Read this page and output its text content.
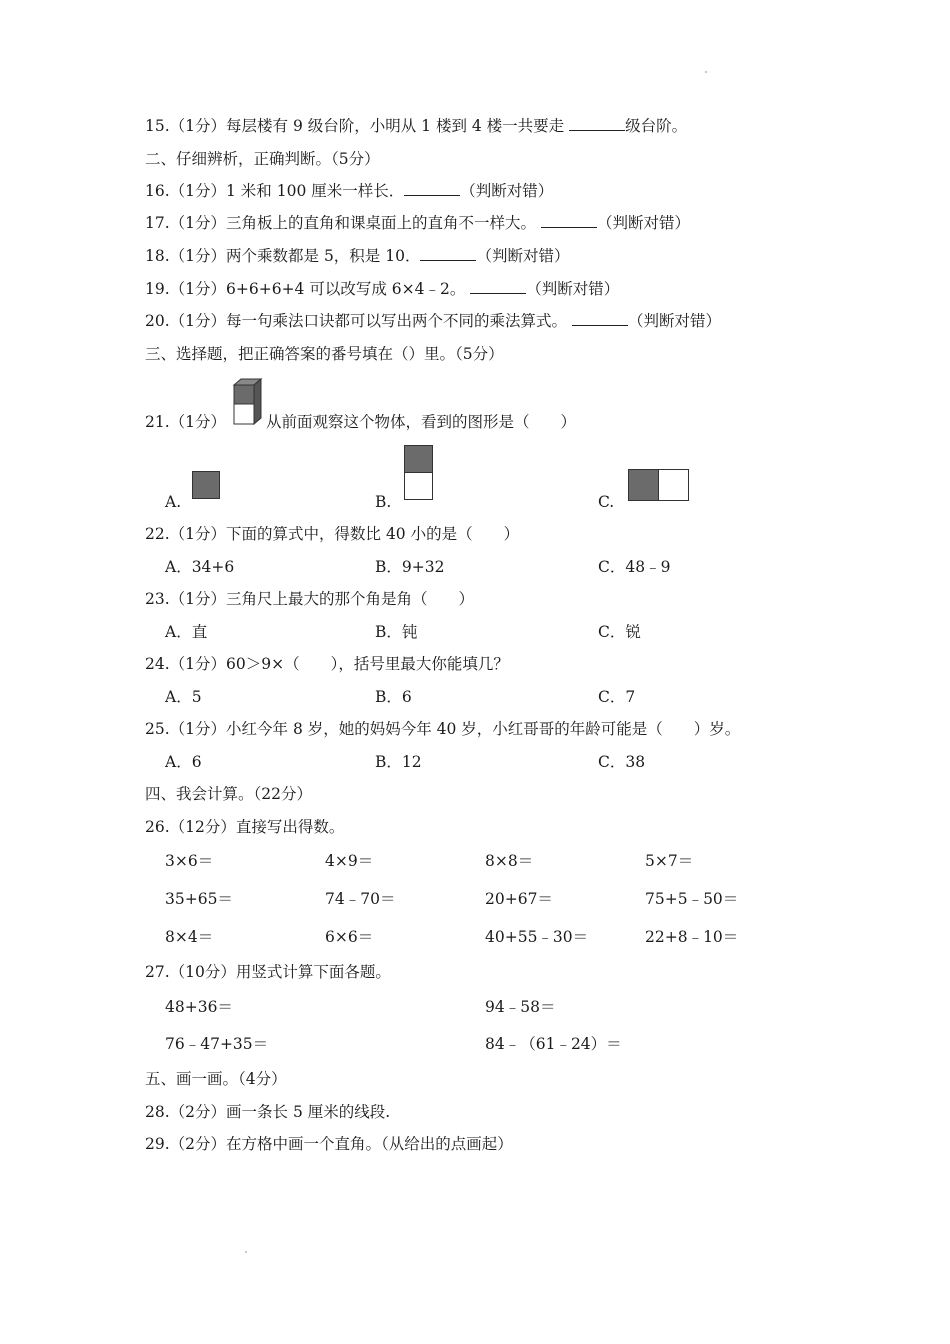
15.（1分）每层楼有 9 级台阶，小明从 1 楼到 4 楼一共要走	级台阶。
二、仔细辨析，正确判断。（5分）
16.（1分）1 米和 100 厘米一样长．	（判断对错）
17.（1分）三角板上的直角和课桌面上的直角不一样大。	（判断对错）
18.（1分）两个乘数都是 5，积是 10．	（判断对错）
19.（1分）6+6+6+4 可以改写成 6×4﹣2。	（判断对错）
20.（1分）每一句乘法口诀都可以写出两个不同的乘法算式。	（判断对错）
三、选择题，把正确答案的番号填在（）里。（5分）
21.（1分）	从前面观察这个物体，看到的图形是（　　）
A.	B.	C.
22.（1分）下面的算式中，得数比 40 小的是（　　）
A．34+6	B．9+32	C．48﹣9
23.（1分）三角尺上最大的那个角是角（　　）
A．直	B．钝	C．锐
24.（1分）60＞9×（　　），括号里最大你能填几？
A．5	B．6	C．7
25.（1分）小红今年 8 岁，她的妈妈今年 40 岁，小红哥哥的年龄可能是（　　）岁。
A．6	B．12	C．38
四、我会计算。（22分）
26.（12分）直接写出得数。
3×6＝	4×9＝	8×8＝	5×7＝
35+65＝	74﹣70＝	20+67＝	75+5﹣50＝
8×4＝	6×6＝	40+55﹣30＝	22+8﹣10＝
27.（10分）用竖式计算下面各题。
48+36＝	94﹣58＝
76﹣47+35＝	84﹣（61﹣24）＝
五、画一画。（4分）
28.（2分）画一条长 5 厘米的线段.
29.（2分）在方格中画一个直角。（从给出的点画起）
